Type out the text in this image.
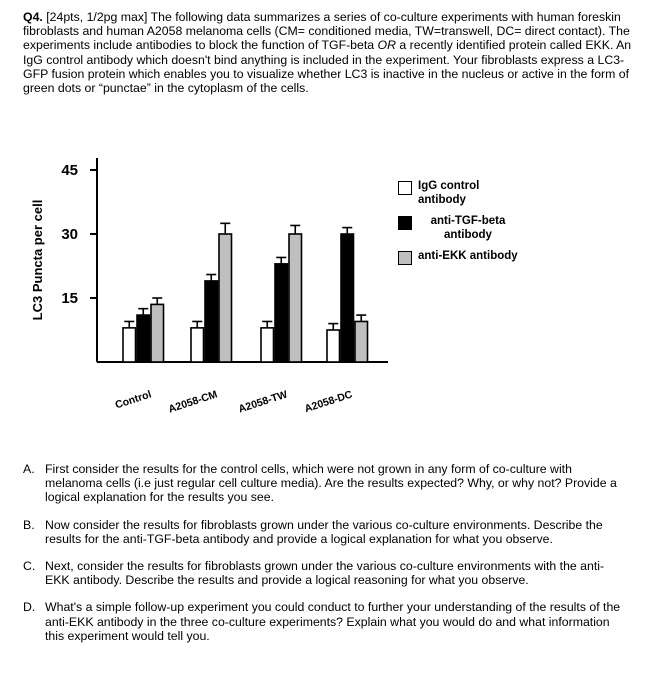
Q4. [24pts, 1/2pg max] The following data summarizes a series of co-culture experiments with human foreskin fibroblasts and human A2058 melanoma cells (CM= conditioned media, TW=transwell, DC= direct contact). The experiments include antibodies to block the function of TGF-beta OR a recently identified protein called EKK. An IgG control antibody which doesn't bind anything is included in the experiment. Your fibroblasts express a LC3-GFP fusion protein which enables you to visualize whether LC3 is inactive in the nucleus or active in the form of green dots or “punctae” in the cytoplasm of the cells.
15
30
45
LC3 Puncta per cell
Control A2058-CM A2058-TW A2058-DC
IgG control antibody
anti-TGF-beta antibody
anti-EKK antibody
A. First consider the results for the control cells, which were not grown in any form of co-culture with melanoma cells (i.e just regular cell culture media). Are the results expected? Why, or why not? Provide a logical explanation for the results you see.
B. Now consider the results for fibroblasts grown under the various co-culture environments. Describe the results for the anti-TGF-beta antibody and provide a logical explanation for what you observe.
C. Next, consider the results for fibroblasts grown under the various co-culture environments with the anti-EKK antibody. Describe the results and provide a logical reasoning for what you observe.
D. What's a simple follow-up experiment you could conduct to further your understanding of the results of the anti-EKK antibody in the three co-culture experiments? Explain what you would do and what information this experiment would tell you.
